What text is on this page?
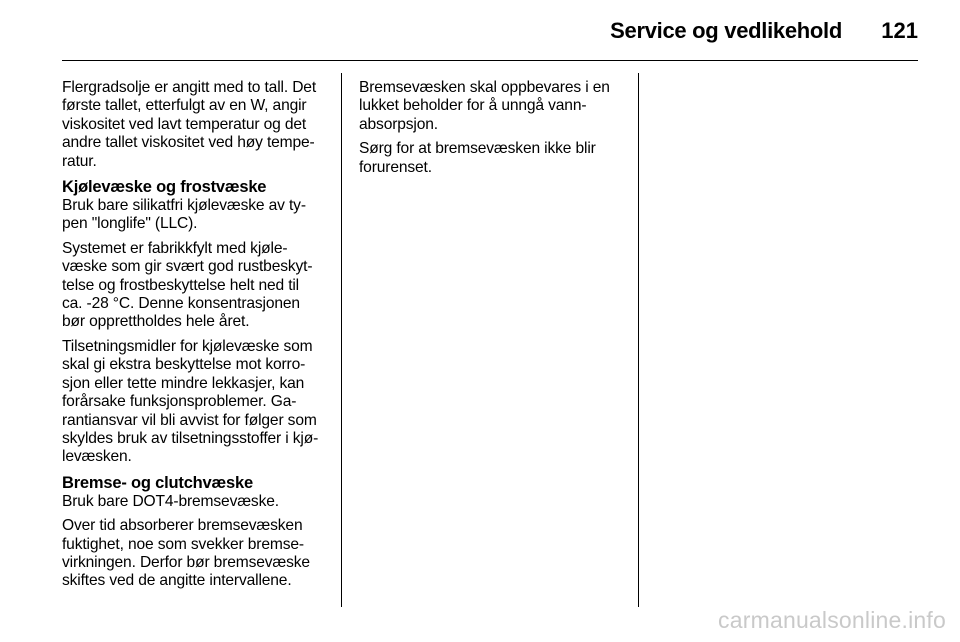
Service og vedlikehold 121

Flergradsolje er angitt med to tall. Det
første tallet, etterfulgt av en W, angir
viskositet ved lavt temperatur og det
andre tallet viskositet ved høy tempe-
ratur.

Kjølevæske og frostvæske

Bruk bare silikatfri kjølevæske av ty-
pen "longlife" (LLC).

Systemet er fabrikkfylt med kjøle-
væske som gir svært god rustbeskyt-
telse og frostbeskyttelse helt ned til
ca. -28 °C. Denne konsentrasjonen
bør opprettholdes hele året.

Tilsetningsmidler for kjølevæske som
skal gi ekstra beskyttelse mot korro-
sjon eller tette mindre lekkasjer, kan
forårsake funksjonsproblemer. Ga-
rantiansvar vil bli avvist for følger som
skyldes bruk av tilsetningsstoffer i kjø-
levæsken.

Bremse- og clutchvæske

Bruk bare DOT4-bremsevæske.

Over tid absorberer bremsevæsken
fuktighet, noe som svekker bremse-
virkningen. Derfor bør bremsevæske
skiftes ved de angitte intervallene.

Bremsevæsken skal oppbevares i en
lukket beholder for å unngå vann-
absorpsjon.

Sørg for at bremsevæsken ikke blir
forurenset.

carmanualsonline.info
